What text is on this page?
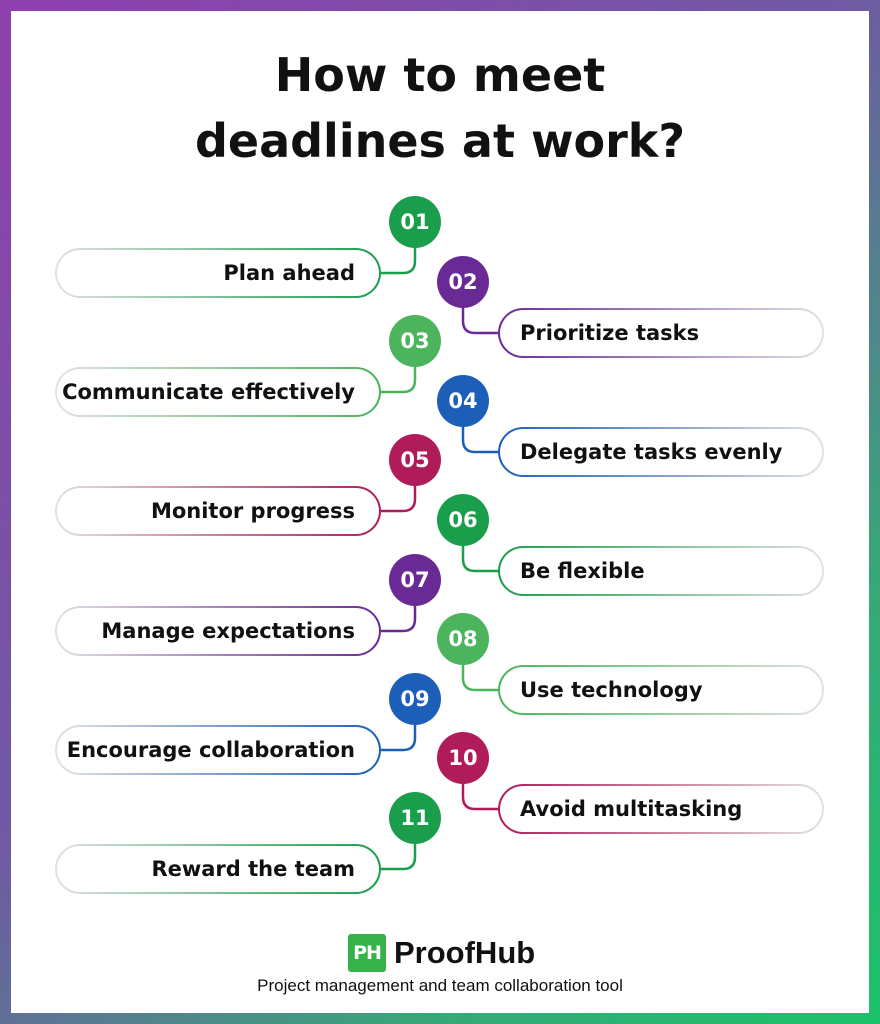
How to meet
deadlines at work?
01
Plan ahead	02
Prioritize tasks
03
Communicate effectively	04
Delegate tasks evenly
05
Monitor progress	06
Be flexible
07
Manage expectations	08
Use technology
09
Encourage collaboration	10
Avoid multitasking
11
Reward the team
PH ProofHub
Project management and team collaboration tool
